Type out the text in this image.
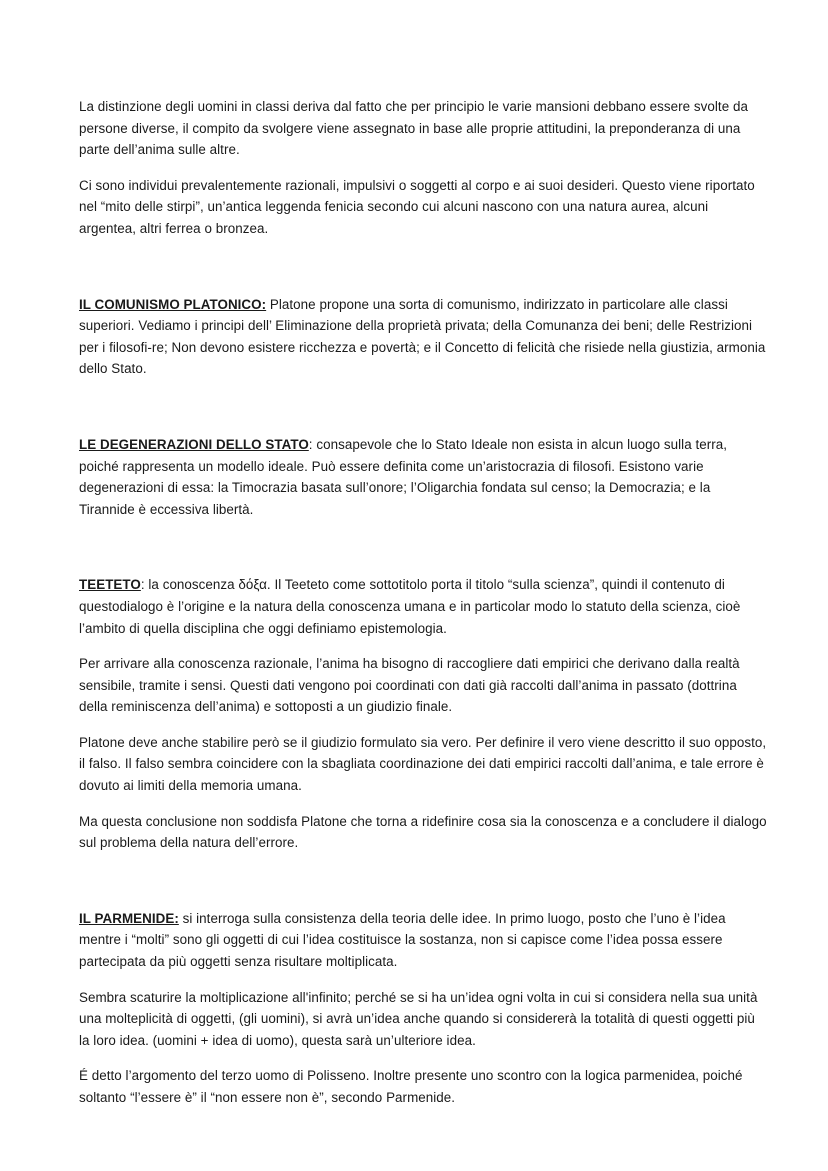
La distinzione degli uomini in classi deriva dal fatto che per principio le varie mansioni debbano essere svolte da persone diverse, il compito da svolgere viene assegnato in base alle proprie attitudini, la preponderanza di una parte dell’anima sulle altre.

Ci sono individui prevalentemente razionali, impulsivi o soggetti al corpo e ai suoi desideri. Questo viene riportato nel “mito delle stirpi”, un’antica leggenda fenicia secondo cui alcuni nascono con una natura aurea, alcuni argentea, altri ferrea o bronzea.

IL COMUNISMO PLATONICO: Platone propone una sorta di comunismo, indirizzato in particolare alle classi superiori. Vediamo i principi dell’ Eliminazione della proprietà privata; della Comunanza dei beni; delle Restrizioni per i filosofi-re; Non devono esistere ricchezza e povertà; e il Concetto di felicità che risiede nella giustizia, armonia dello Stato.

LE DEGENERAZIONI DELLO STATO: consapevole che lo Stato Ideale non esista in alcun luogo sulla terra, poiché rappresenta un modello ideale. Può essere definita come un’aristocrazia di filosofi. Esistono varie degenerazioni di essa: la Timocrazia basata sull’onore; l’Oligarchia fondata sul censo; la Democrazia; e la Tirannide è eccessiva libertà.

TEETETO: la conoscenza δόξα. Il Teeteto come sottotitolo porta il titolo “sulla scienza”, quindi il contenuto di questodialogo è l’origine e la natura della conoscenza umana e in particolar modo lo statuto della scienza, cioè l’ambito di quella disciplina che oggi definiamo epistemologia.

Per arrivare alla conoscenza razionale, l’anima ha bisogno di raccogliere dati empirici che derivano dalla realtà sensibile, tramite i sensi. Questi dati vengono poi coordinati con dati già raccolti dall’anima in passato (dottrina della reminiscenza dell’anima) e sottoposti a un giudizio finale.

Platone deve anche stabilire però se il giudizio formulato sia vero. Per definire il vero viene descritto il suo opposto, il falso. Il falso sembra coincidere con la sbagliata coordinazione dei dati empirici raccolti dall’anima, e tale errore è dovuto ai limiti della memoria umana.

Ma questa conclusione non soddisfa Platone che torna a ridefinire cosa sia la conoscenza e a concludere il dialogo sul problema della natura dell’errore.

IL PARMENIDE: si interroga sulla consistenza della teoria delle idee. In primo luogo, posto che l’uno è l’idea mentre i “molti” sono gli oggetti di cui l’idea costituisce la sostanza, non si capisce come l’idea possa essere partecipata da più oggetti senza risultare moltiplicata.

Sembra scaturire la moltiplicazione all'infinito; perché se si ha un’idea ogni volta in cui si considera nella sua unità una molteplicità di oggetti, (gli uomini), si avrà un’idea anche quando si considererà la totalità di questi oggetti più la loro idea. (uomini + idea di uomo), questa sarà un’ulteriore idea.

É detto l’argomento del terzo uomo di Polisseno. Inoltre presente uno scontro con la logica parmenidea, poiché soltanto “l’essere è” il “non essere non è”, secondo Parmenide.
